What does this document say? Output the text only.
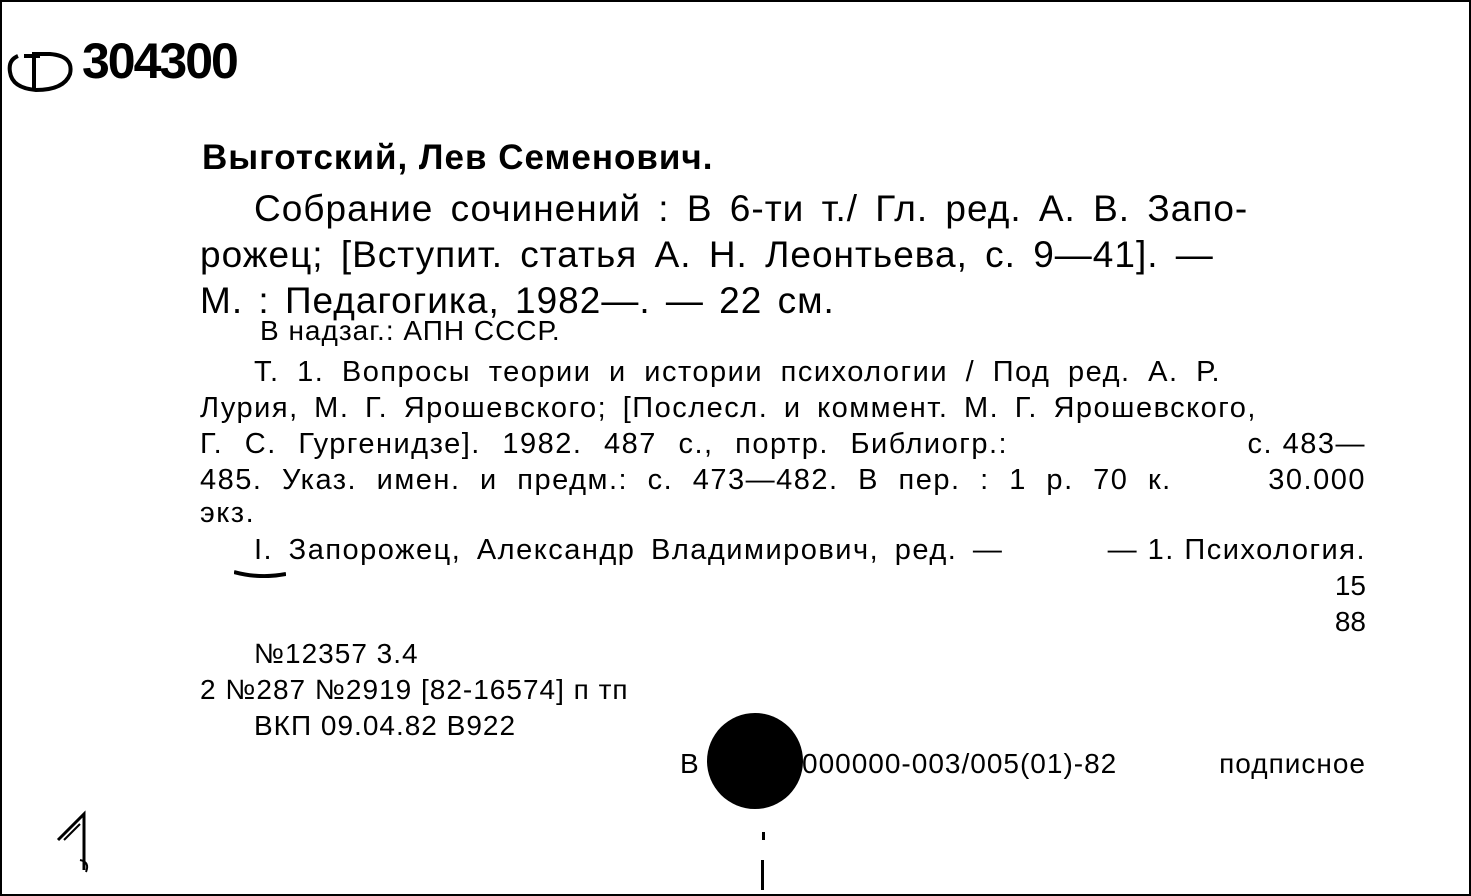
304300
Выготский, Лев Семенович.
Собрание сочинений : В 6-ти т./ Гл. ред. А. В. Запо-
рожец; [Вступит. статья А. Н. Леонтьева, с. 9—41]. —
М. : Педагогика, 1982—. — 22 см.
В надзаг.: АПН СССР.
Т. 1. Вопросы теории и истории психологии / Под ред. А. Р.
Лурия, М. Г. Ярошевского; [Послесл. и коммент. М. Г. Ярошевского,
Г. С. Гургенидзе]. 1982. 487 с., портр. Библиогр.:	с. 483—
485. Указ. имен. и предм.: с. 473—482. В пер. : 1 р. 70 к.	30.000
экз.
I. Запорожец, Александр Владимирович, ред. —	— 1. Психология.
15
88
№12357 3.4
2 №287 №2919 [82-16574] п тп
ВКП 09.04.82 В922
В	000000-003/005(01)-82	подписное
